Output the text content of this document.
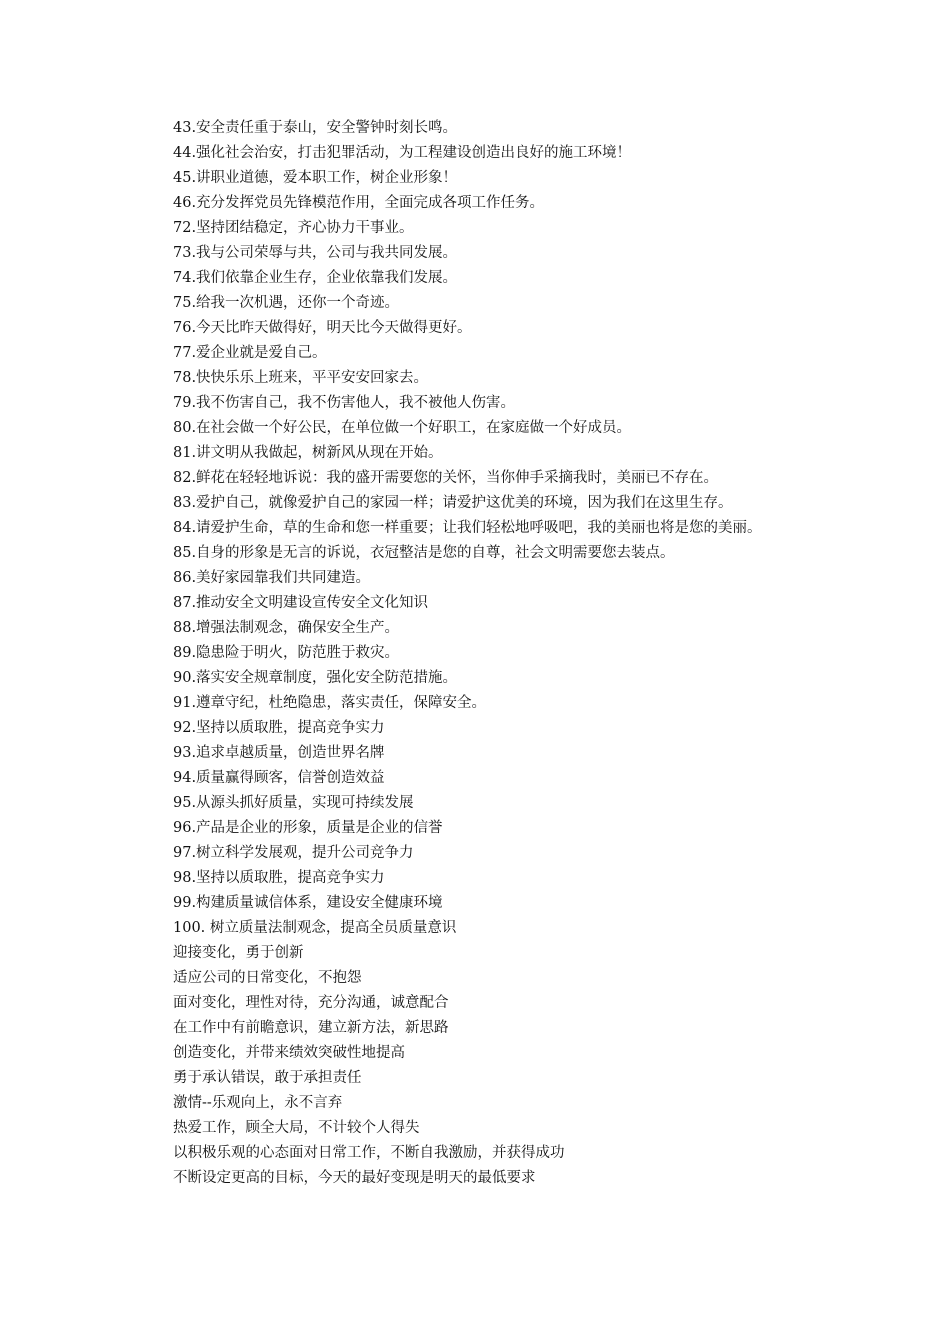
43.安全责任重于泰山，安全警钟时刻长鸣。

44.强化社会治安，打击犯罪活动，为工程建设创造出良好的施工环境！

45.讲职业道德，爱本职工作，树企业形象！

46.充分发挥党员先锋模范作用，全面完成各项工作任务。

72.坚持团结稳定，齐心协力干事业。

73.我与公司荣辱与共，公司与我共同发展。

74.我们依靠企业生存，企业依靠我们发展。

75.给我一次机遇，还你一个奇迹。

76.今天比昨天做得好，明天比今天做得更好。

77.爱企业就是爱自己。

78.快快乐乐上班来，平平安安回家去。

79.我不伤害自己，我不伤害他人，我不被他人伤害。

80.在社会做一个好公民，在单位做一个好职工，在家庭做一个好成员。

81.讲文明从我做起，树新风从现在开始。

82.鲜花在轻轻地诉说：我的盛开需要您的关怀，当你伸手采摘我时，美丽已不存在。

83.爱护自己，就像爱护自己的家园一样；请爱护这优美的环境，因为我们在这里生存。

84.请爱护生命，草的生命和您一样重要；让我们轻松地呼吸吧，我的美丽也将是您的美丽。

85.自身的形象是无言的诉说，衣冠整洁是您的自尊，社会文明需要您去装点。

86.美好家园靠我们共同建造。

87.推动安全文明建设宣传安全文化知识

88.增强法制观念，确保安全生产。

89.隐患险于明火，防范胜于救灾。

90.落实安全规章制度，强化安全防范措施。

91.遵章守纪，杜绝隐患，落实责任，保障安全。

92.坚持以质取胜，提高竞争实力

93.追求卓越质量，创造世界名牌

94.质量赢得顾客，信誉创造效益

95.从源头抓好质量，实现可持续发展

96.产品是企业的形象，质量是企业的信誉

97.树立科学发展观，提升公司竞争力

98.坚持以质取胜，提高竞争实力

99.构建质量诚信体系，建设安全健康环境

100. 树立质量法制观念，提高全员质量意识

迎接变化，勇于创新

适应公司的日常变化，不抱怨

面对变化，理性对待，充分沟通，诚意配合

在工作中有前瞻意识，建立新方法，新思路

创造变化，并带来绩效突破性地提高

勇于承认错误，敢于承担责任

激情--乐观向上，永不言弃

热爱工作，顾全大局，不计较个人得失

以积极乐观的心态面对日常工作，不断自我激励，并获得成功

不断设定更高的目标，今天的最好变现是明天的最低要求
